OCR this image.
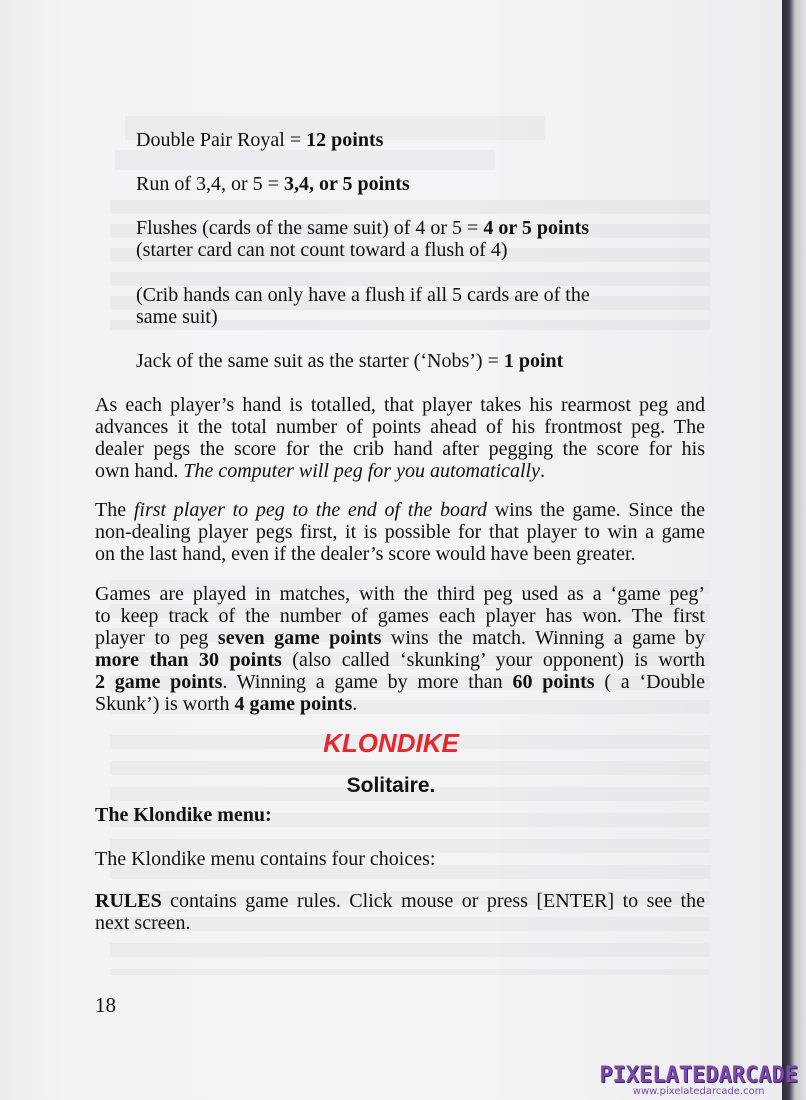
Double Pair Royal = 12 points

Run of 3,4, or 5 = 3,4, or 5 points

Flushes (cards of the same suit) of 4 or 5 = 4 or 5 points

(starter card can not count toward a flush of 4)

(Crib hands can only have a flush if all 5 cards are of the

same suit)

Jack of the same suit as the starter (‘Nobs’) = 1 point

As each player’s hand is totalled, that player takes his rearmost peg and

advances it the total number of points ahead of his frontmost peg. The

dealer pegs the score for the crib hand after pegging the score for his

own hand. The computer will peg for you automatically.

The first player to peg to the end of the board wins the game. Since the

non-dealing player pegs first, it is possible for that player to win a game

on the last hand, even if the dealer’s score would have been greater.

Games are played in matches, with the third peg used as a ‘game peg’

to keep track of the number of games each player has won. The first

player to peg seven game points wins the match. Winning a game by

more than 30 points (also called ‘skunking’ your opponent) is worth

2 game points. Winning a game by more than 60 points ( a ‘Double

Skunk’) is worth 4 game points.

KLONDIKE
Solitaire.

The Klondike menu:

The Klondike menu contains four choices:

RULES contains game rules. Click mouse or press [ENTER] to see the

next screen.

18

PIXELATEDARCADE
www.pixelatedarcade.com
